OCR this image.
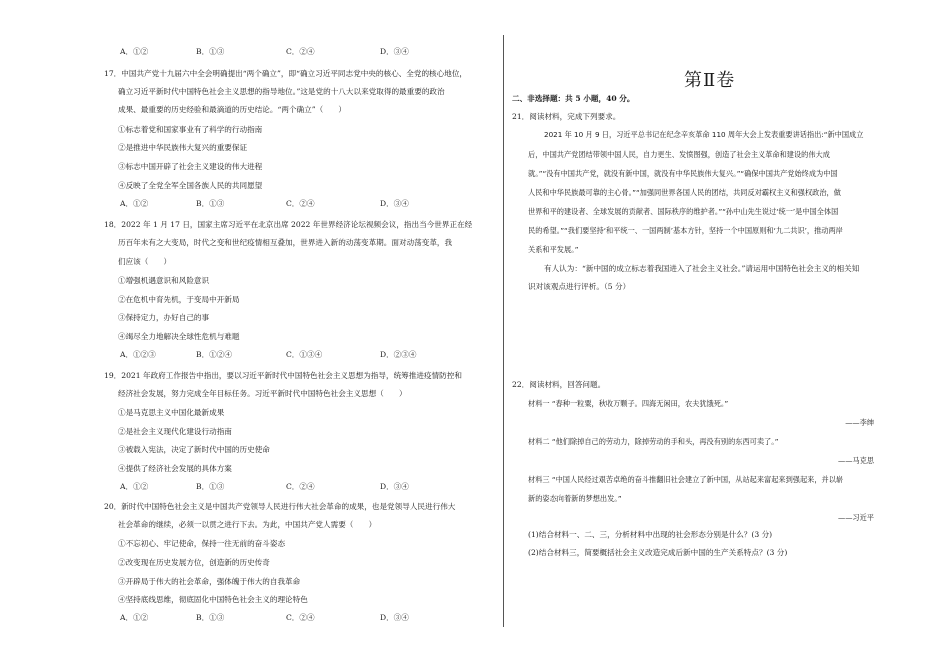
A．①②	B．①③	C．②④	D．③④
17．中国共产党十九届六中全会明确提出“两个确立”，即“确立习近平同志党中央的核心、全党的核心地位，
确立习近平新时代中国特色社会主义思想的指导地位。”这是党的十八大以来党取得的最重要的政治
成果、最重要的历史经验和最滴道的历史结论。“两个确立”（　　）
①标志着党和国家事业有了科学的行动指南
②是推进中华民族伟大复兴的重要保证
③标志中国开辟了社会主义建设的伟大进程
④反映了全党全军全国各族人民的共同愿望
A．①②	B．①③	C．②④	D．③④
18．2022 年 1 月 17 日，国家主席习近平在北京出席 2022 年世界经济论坛视频会议，指出当今世界正在经
历百年未有之大变局，时代之变和世纪疫情相互叠加，世界进入新的动荡变革期。面对动荡变革，我
们应该（　　）
①增强机遇意识和风险意识
②在危机中育先机，于变局中开新局
③保持定力，办好自己的事
④竭尽全力地解决全球性危机与难题
A．①②③	B．①②④	C．①③④	D．②③④
19．2021 年政府工作报告中指出，要以习近平新时代中国特色社会主义思想为指导，统筹推进疫情防控和
经济社会发展，努力完成全年目标任务。习近平新时代中国特色社会主义思想（　　）
①是马克思主义中国化最新成果
②是社会主义现代化建设行动指南
③被载入宪法，决定了新时代中国的历史使命
④提供了经济社会发展的具体方案
A．①②	B．①③	C．②④	D．③④
20．新时代中国特色社会主义是中国共产党领导人民进行伟大社会革命的成果，也是党领导人民进行伟大
社会革命的继续，必须一以贯之进行下去。为此，中国共产党人需要（　　）
①不忘初心、牢记使命，保持一往无前的奋斗姿态
②改变现在历史发展方位，创造新的历史传奇
③开辟局于伟大的社会革命，强体魄于伟大的自我革命
④坚持底线思维，彻底固化中国特色社会主义的理论特色
A．①②	B．①③	C．②④	D．③④
第Ⅱ卷
二、非选择题：共 5 小题，40 分。
21．阅读材料，完成下列要求。
2021 年 10 月 9 日，习近平总书记在纪念辛亥革命 110 周年大会上发表重要讲话指出:“新中国成立
后，中国共产党团结带领中国人民，自力更生、发愤图强，创造了社会主义革命和建设的伟大成
就。”“没有中国共产党，就没有新中国，就没有中华民族伟大复兴。”“确保中国共产党始终成为中国
人民和中华民族最可靠的主心骨。”“加强同世界各国人民的团结，共同反对霸权主义和强权政治，做
世界和平的建设者、全球发展的贡献者、国际秩序的维护者。”“孙中山先生说过‘统一’是中国全体国
民的希望。”“我们要坚持‘和平统一、一国两制’基本方针，坚持一个中国原则和‘九二共识’，推动两岸
关系和平发展。”
有人认为：“新中国的成立标志着我国进入了社会主义社会。”请运用中国特色社会主义的相关知
识对该观点进行评析。（5 分）
22．阅读材料，回答问题。
材料一 “春种一粒粟，秋收万颗子。四海无闲田，农夫犹饿死。”
——李绅
材料二 “他们除掉自己的劳动力，除掉劳动的手和头，再没有别的东西可卖了。”
——马克思
材料三 “中国人民经过艰苦卓绝的奋斗推翻旧社会建立了新中国，从站起来富起来到强起来，并以崭
新的姿态向着新的梦想出发。”
——习近平
(1)结合材料一、二、三，分析材料中出现的社会形态分别是什么？(3 分)
(2)结合材料三，简要概括社会主义改造完成后新中国的生产关系特点？(3 分)
